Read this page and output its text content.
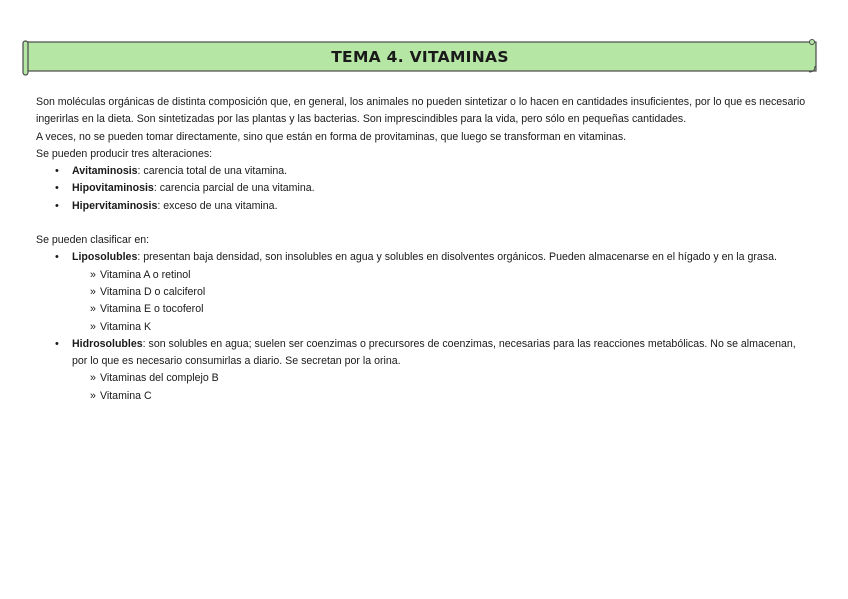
TEMA 4. VITAMINAS

Son moléculas orgánicas de distinta composición que, en general, los animales no pueden sintetizar o lo hacen en cantidades insuficientes, por lo que es necesario ingerirlas en la dieta. Son sintetizadas por las plantas y las bacterias. Son imprescindibles para la vida, pero sólo en pequeñas cantidades.

A veces, no se pueden tomar directamente, sino que están en forma de provitaminas, que luego se transforman en vitaminas.

Se pueden producir tres alteraciones:

• Avitaminosis: carencia total de una vitamina.
• Hipovitaminosis: carencia parcial de una vitamina.
• Hipervitaminosis: exceso de una vitamina.

Se pueden clasificar en:

• Liposolubles: presentan baja densidad, son insolubles en agua y solubles en disolventes orgánicos. Pueden almacenarse en el hígado y en la grasa.
» Vitamina A o retinol
» Vitamina D o calciferol
» Vitamina E o tocoferol
» Vitamina K
• Hidrosolubles: son solubles en agua; suelen ser coenzimas o precursores de coenzimas, necesarias para las reacciones metabólicas. No se almacenan, por lo que es necesario consumirlas a diario. Se secretan por la orina.
» Vitaminas del complejo B
» Vitamina C
